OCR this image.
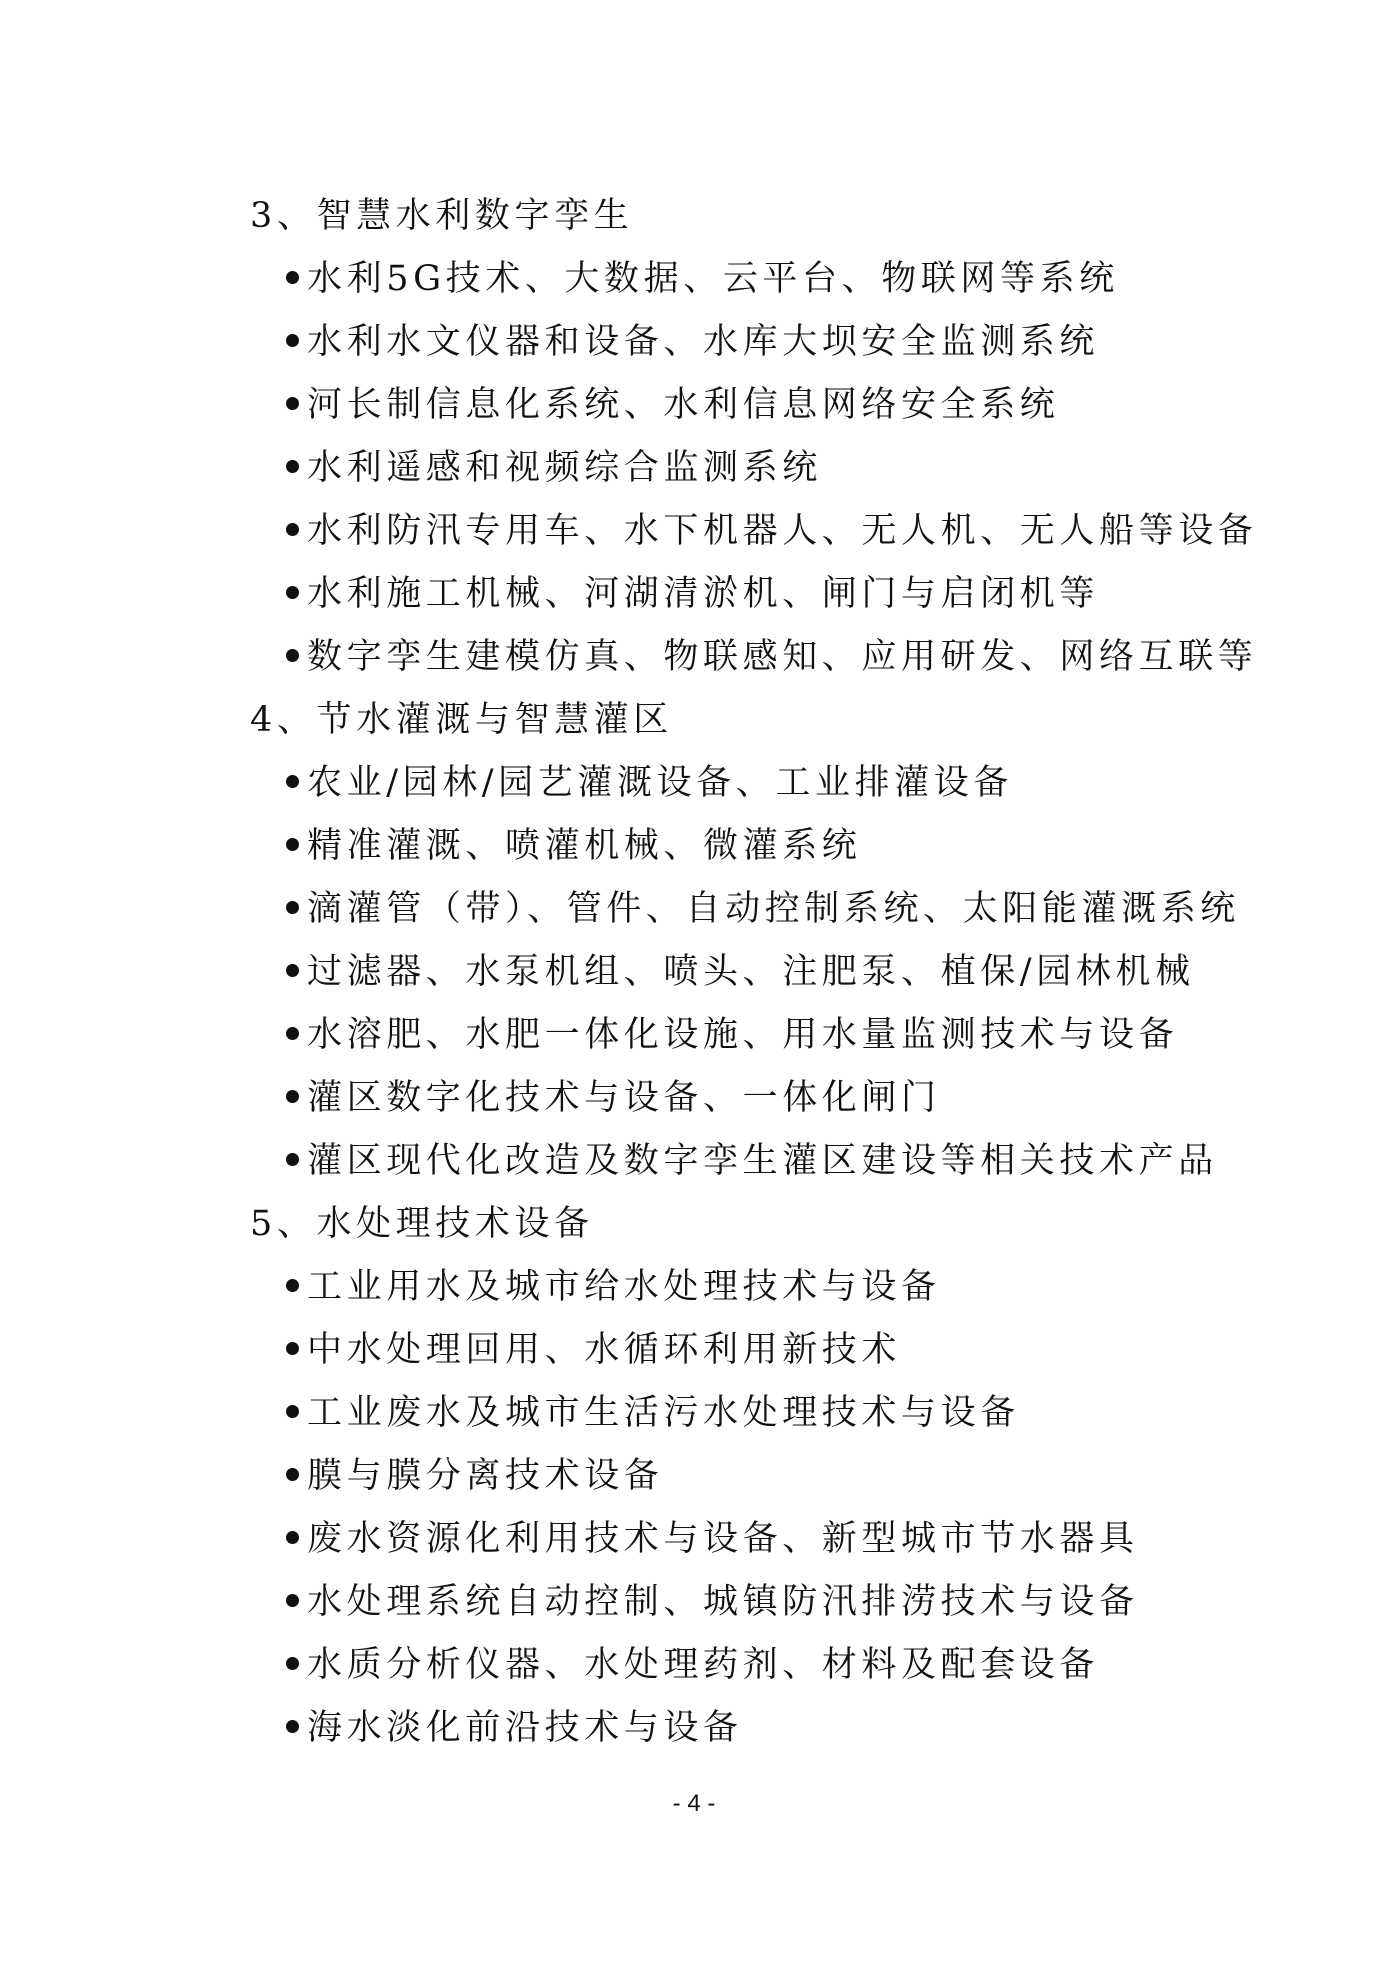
3、智慧水利数字孪生
水利5G技术、大数据、云平台、物联网等系统
水利水文仪器和设备、水库大坝安全监测系统
河长制信息化系统、水利信息网络安全系统
水利遥感和视频综合监测系统
水利防汛专用车、水下机器人、无人机、无人船等设备
水利施工机械、河湖清淤机、闸门与启闭机等
数字孪生建模仿真、物联感知、应用研发、网络互联等
4、节水灌溉与智慧灌区
农业/园林/园艺灌溉设备、工业排灌设备
精准灌溉、喷灌机械、微灌系统
滴灌管（带）、管件、自动控制系统、太阳能灌溉系统
过滤器、水泵机组、喷头、注肥泵、植保/园林机械
水溶肥、水肥一体化设施、用水量监测技术与设备
灌区数字化技术与设备、一体化闸门
灌区现代化改造及数字孪生灌区建设等相关技术产品
5、水处理技术设备
工业用水及城市给水处理技术与设备
中水处理回用、水循环利用新技术
工业废水及城市生活污水处理技术与设备
膜与膜分离技术设备
废水资源化利用技术与设备、新型城市节水器具
水处理系统自动控制、城镇防汛排涝技术与设备
水质分析仪器、水处理药剂、材料及配套设备
海水淡化前沿技术与设备
- 4 -
